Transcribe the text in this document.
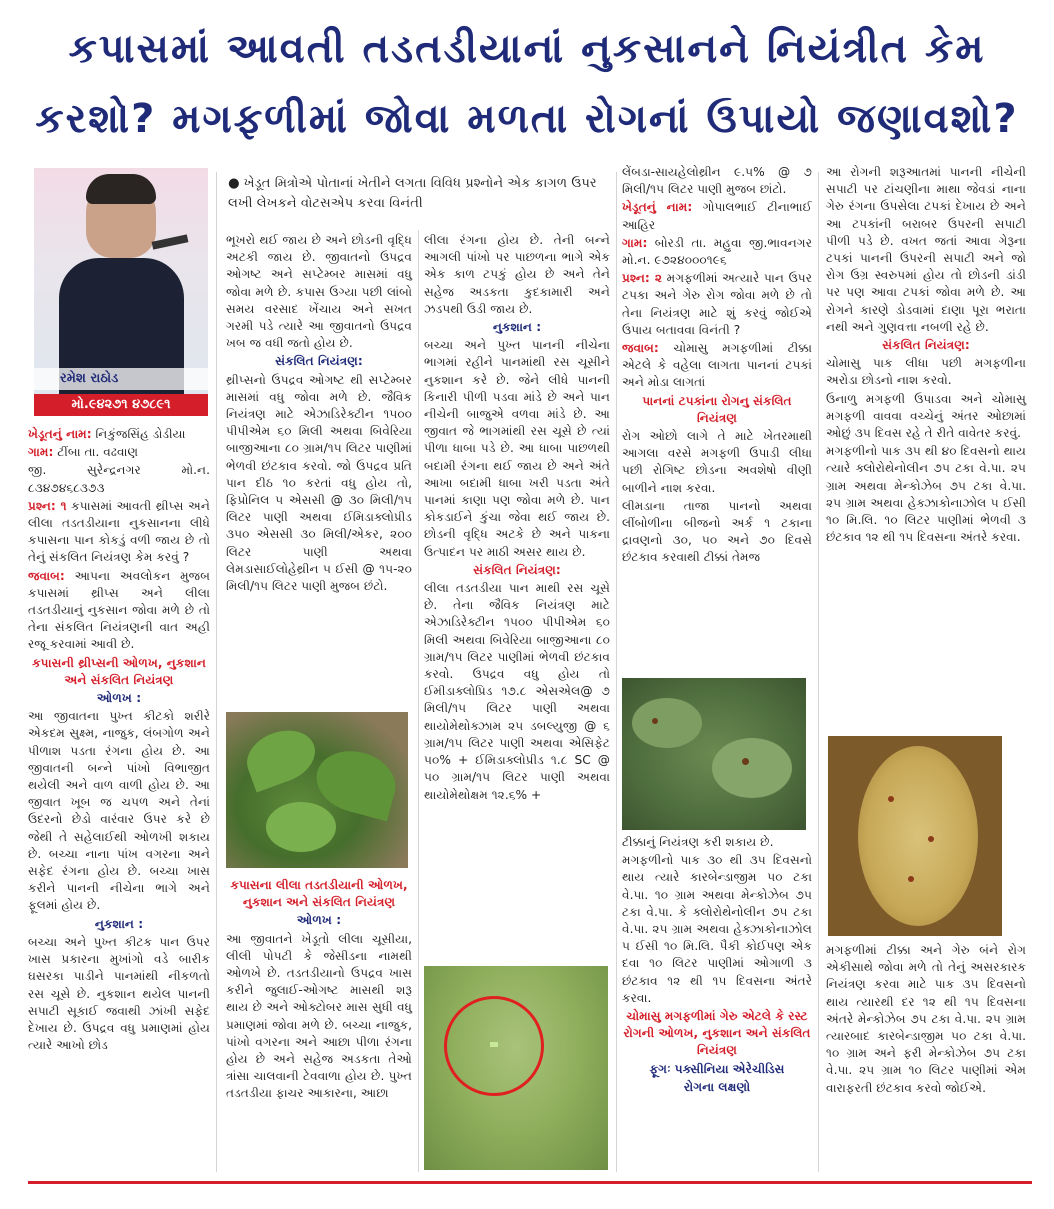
કપાસમાં આવતી તડતડીયાનાં નુકસાનને નિયંત્રીત કેમ
કરશો? મગફળીમાં જોવા મળતા રોગનાં ઉપાયો જણાવશો?
● ખેડૂત મિત્રોએ પોતાનાં ખેતીને લગતા વિવિધ પ્રશ્નોને એક કાગળ ઉપર લખી લેખકને વોટસએપ કરવા વિનંતી
રમેશ રાઠોડ
મો.૯૪૨૭૧ ૪૭૮૯૧

ખેડૂતનું નામ: નિકુંજસિંહ ડોડીયા

ગામ: ટીંબા તા. વઢવાણ

જી. સુરેન્દ્રનગર મો.ન. ૮૩૪૭૪૬૮૩૭૩

પ્રશ્ન: ૧ કપાસમાં આવતી થ્રીપ્સ અને લીલા તડતડીયાના નુકસાનના લીધે કપાસના પાન કોકડું વળી જાય છે તો તેનું સંકલિત નિયંત્રણ કેમ કરવું ?

જવાબ: આપના અવલોકન મુજબ કપાસમાં થ્રીપ્સ અને લીલા તડતડીયાનું નુકસાન જોવા મળે છે તો તેના સંકલિત નિયંત્રણની વાત અહી રજૂ કરવામાં આવી છે.

કપાસની થ્રીપ્સની ઓળખ, નુકશાન અને સંકલિત નિયંત્રણ
ઓળખ :

આ જીવાતના પુખ્ત કીટકો શરીરે એકદમ સુક્ષ્મ, નાજુક, લંબગોળ અને પીળાશ પડતા રંગના હોય છે. આ જીવાતની બન્ને પાંખો વિભાજીત થયેલી અને વાળ વાળી હોય છે. આ જીવાત ખૂબ જ ચપળ અને તેનાં ઉદરનો છેડો વારંવાર ઉપર કરે છે જેથી તે સહેલાઈથી ઓળખી શકાય છે. બચ્ચા નાના પાંખ વગરના અને સફેદ રંગના હોય છે. બચ્ચા ખાસ કરીને પાનની નીચેના ભાગે અને ફૂલમાં હોય છે.

નુકશાન :

બચ્ચા અને પુખ્ત કીટક પાન ઉપર ખાસ પ્રકારના મુખાંગો વડે બારીક ઘસરકા પાડીને પાનમાંથી નીકળતો રસ ચૂસે છે. નુકશાન થયેલ પાનની સપાટી સૂકાઈ જવાથી ઝાંખી સફેદ દેખાય છે. ઉપદ્રવ વધુ પ્રમાણમાં હોય ત્યારે આખો છોડ

ભૂખરો થઈ જાય છે અને છોડની વૃદ્ધિ અટકી જાય છે. જીવાતનો ઉપદ્રવ ઓગષ્ટ અને સપ્ટેમ્બર માસમાં વધુ જોવા મળે છે. કપાસ ઉગ્યા પછી લાંબો સમય વરસાદ ખેંચાય અને સખત ગરમી પડે ત્યારે આ જીવાતનો ઉપદ્રવ ખબ જ વધી જતો હોય છે.

સંકલિત નિયંત્રણ:

થ્રીપ્સનો ઉપદ્રવ ઓગષ્ટ થી સપ્ટેમ્બર માસમાં વધુ જોવા મળે છે. જૈવિક નિયંત્રણ માટે એઝાડિરેક્ટીન ૧૫૦૦ પીપીએમ ૬૦ મિલી અથવા બિવેરિયા બાજીઆના ૮૦ ગ્રામ/૧૫ લિટર પાણીમાં ભેળવી છંટકાવ કરવો. જો ઉપદ્રવ પ્રતિ પાન દીઠ ૧૦ કરતાં વધુ હોય તો, ફિપ્રોનિલ ૫ એસસી @ ૩૦ મિલી/૧૫ લિટર પાણી અથવા ઈમિડાક્લોપ્રીડ ૩૫૦ એસસી ૩૦ મિલી/એકર, ૨૦૦ લિટર પાણી અથવા લેમડાસાઈલોહેથ્રીન ૫ ઈસી @ ૧૫-૨૦ મિલી/૧૫ લિટર પાણી મુજબ છંટો.

કપાસના લીલા તડતડીયાની ઓળખ, નુકશાન અને સંકલિત નિયંત્રણ
ઓળખ :

આ જીવાતને ખેડૂતો લીલા ચૂસીયા, લીલી પોપટી કે જેસીડના નામથી ઓળખે છે. તડતડીયાનો ઉપદ્રવ ખાસ કરીને જુલાઈ-ઓગષ્ટ માસથી શરૂ થાય છે અને ઓક્ટોબર માસ સુધી વધુ પ્રમાણમાં જોવા મળે છે. બચ્ચા નાજુક, પાંખો વગરના અને આછા પીળા રંગના હોય છે અને સહેજ અડકતા તેઓ ત્રાંસા ચાલવાની ટેવવાળા હોય છે. પુખ્ત તડતડીયા ફાચર આકારના, આછા

લીલા રંગના હોય છે. તેની બન્ને આગલી પાંખો પર પાછળના ભાગે એક એક કાળ ટપકું હોય છે અને તેને સહેજ અડકતા કુદકામારી અને ઝડપથી ઉડી જાય છે.

નુકશાન :

બચ્ચા અને પુખ્ત પાનની નીચેના ભાગમાં રહીને પાનમાંથી રસ ચૂસીને નુકશાન કરે છે. જેને લીધે પાનની કિનારી પીળી પડવા માંડે છે અને પાન નીચેની બાજુએ વળવા માંડે છે. આ જીવાત જે ભાગમાંથી રસ ચૂસે છે ત્યાં પીળા ધાબા પડે છે. આ ધાબા પાછળથી બદામી રંગના થઈ જાય છે અને અંતે આખા બદામી ધાબા ખરી પડતા અંતે પાનમાં કાણા પણ જોવા મળે છે. પાન કોકડાઈને કુંચા જેવા થઈ જાય છે. છોડની વૃદ્ધિ અટકે છે અને પાકના ઉત્પાદન પર માઠી અસર થાય છે.

સંકલિત નિયંત્રણ:

લીલા તડતડીયા પાન માથી રસ ચૂસે છે. તેના જૈવિક નિયંત્રણ માટે એઝાડિરેક્ટીન ૧૫૦૦ પીપીએમ ૬૦ મિલી અથવા બિવેરિયા બાજીઆના ૮૦ ગ્રામ/૧૫ લિટર પાણીમાં ભેળવી છંટકાવ કરવો. ઉપદ્રવ વધુ હોય તો ઈમીડાક્લોપ્રિડ ૧૭.૮ એસએલ@ ૭ મિલી/૧૫ લિટર પાણી અથવા થાયોમેથોક્ઝામ ૨૫ ડબલ્યુજી @ ૬ ગ્રામ/૧૫ લિટર પાણી અથવા એસિફેટ ૫૦% + ઈમિડાક્લોપ્રીડ ૧.૮ SC @ ૫૦ ગ્રામ/૧૫ લિટર પાણી અથવા થાયોમેથોક્ષમ ૧૨.૬% +

લેંબડા-સાયહેલોથ્રીન ૯.૫% @ ૭ મિલી/૧૫ લિટર પાણી મુજબ છાંટો.

ખેડૂતનું નામ: ગોપાલભાઈ ટીનાભાઈ આહિર

ગામ: બોરડી તા. મહુવા જી.ભાવનગર મો.ન. ૯૭૨૪૦૦૦૧૯૬

પ્રશ્ન: ૨ મગફળીમાં અત્યારે પાન ઉપર ટપકા અને ગેરુ રોગ જોવા મળે છે તો તેના નિયંત્રણ માટે શું કરવું જોઈએ ઉપાય બતાવવા વિનંતી ?

જવાબ: ચોમાસુ મગફળીમાં ટીક્કા એટલે કે વહેલા લાગતા પાનનાં ટપકાં અને મોડા લાગતાં

પાનનાં ટપકાંના રોગનુ સંકલિત નિયંત્રણ

રોગ ઓછો લાગે તે માટે ખેતરમાથી આગલા વરસે મગફળી ઉપાડી લીધા પછી રોગિષ્ટ છોડના અવશેષો વીણી બાળીને નાશ કરવા.

લીમડાના તાજા પાનનો અથવા લીંબોળીના બીજનો અર્ક ૧ ટકાના દ્રાવણનો ૩૦, ૫૦ અને ૭૦ દિવસે છંટકાવ કરવાથી ટીક્કાં તેમજ

ટીક્કાનું નિયંત્રણ કરી શકાય છે.

મગફળીનો પાક ૩૦ થી ૩૫ દિવસનો થાય ત્યારે કારબેન્ડાજીમ ૫૦ ટકા વે.પા. ૧૦ ગ્રામ અથવા મેન્કોઝેબ ૭૫ ટકા વે.પા. કે ક્લોરોથેનોલીન ૭૫ ટકા વે.પા. ૨૫ ગ્રામ અથવા હેક્ઝાકોનાઝોલ ૫ ઈસી ૧૦ મિ.લિ. પૈકી કોઈપણ એક દવા ૧૦ લિટર પાણીમાં ઓગાળી ૩ છંટકાવ ૧૨ થી ૧૫ દિવસના અંતરે કરવા.

ચોમાસુ મગફળીમાં ગેરુ એટલે કે રસ્ટ રોગની ઓળખ, નુકશાન અને સંકલિત નિયંત્રણ
ફૂગઃ પક્સીનિયા એરેચીડિસ
રોગના લક્ષણો

આ રોગની શરૂઆતમાં પાનની નીચેની સપાટી પર ટાંચણીના માથા જેવડાં નાના ગેરુ રંગના ઉપસેલા ટપકાં દેખાય છે અને આ ટપકાંની બરાબર ઉપરની સપાટી પીળી પડે છે. વખત જતાં આવા ગેરૂના ટપકાં પાનની ઉપરની સપાટી અને જો રોગ ઉગ્ર સ્વરુપમાં હોય તો છોડની ડાંડી પર પણ આવા ટપકાં જોવા મળે છે. આ રોગને કારણે ડોડવામાં દાણા પૂરા ભરાતા નથી અને ગુણવત્તા નબળી રહે છે.

સંકલિત નિયંત્રણ:

ચોમાસુ પાક લીધા પછી મગફળીના અરોડા છોડનો નાશ કરવો.

ઉનાળુ મગફળી ઉપાડવા અને ચોમાસુ મગફળી વાવવા વચ્ચેનું અંતર ઓછામાં ઓછું ૩૫ દિવસ રહે તે રીતે વાવેતર કરવું.

મગફળીનો પાક ૩૫ થી ૪૦ દિવસનો થાય ત્યારે ક્લોરોથેનોલીન ૭૫ ટકા વે.પા. ૨૫ ગ્રામ અથવા મેન્કોઝેબ ૭૫ ટકા વે.પા. ૨૫ ગ્રામ અથવા હેક્ઝાકોનાઝોલ ૫ ઈસી ૧૦ મિ.લિ. ૧૦ લિટર પાણીમાં ભેળવી ૩ છંટકાવ ૧૨ થી ૧૫ દિવસના અંતરે કરવા.

મગફળીમાં ટીક્કા અને ગેરુ બંને રોગ એકીસાથે જોવા મળે તો તેનું અસરકારક નિયંત્રણ કરવા માટે પાક ૩૫ દિવસનો થાય ત્યારથી દર ૧૨ થી ૧૫ દિવસના અંતરે મેન્કોઝેબ ૭૫ ટકા વે.પા. ૨૫ ગ્રામ ત્યારબાદ કારબેન્ડાજીમ ૫૦ ટકા વે.પા. ૧૦ ગ્રામ અને ફરી મેન્કોઝેબ ૭૫ ટકા વે.પા. ૨૫ ગ્રામ ૧૦ લિટર પાણીમાં એમ વારાફરતી છંટકાવ કરવો જોઈએ.
